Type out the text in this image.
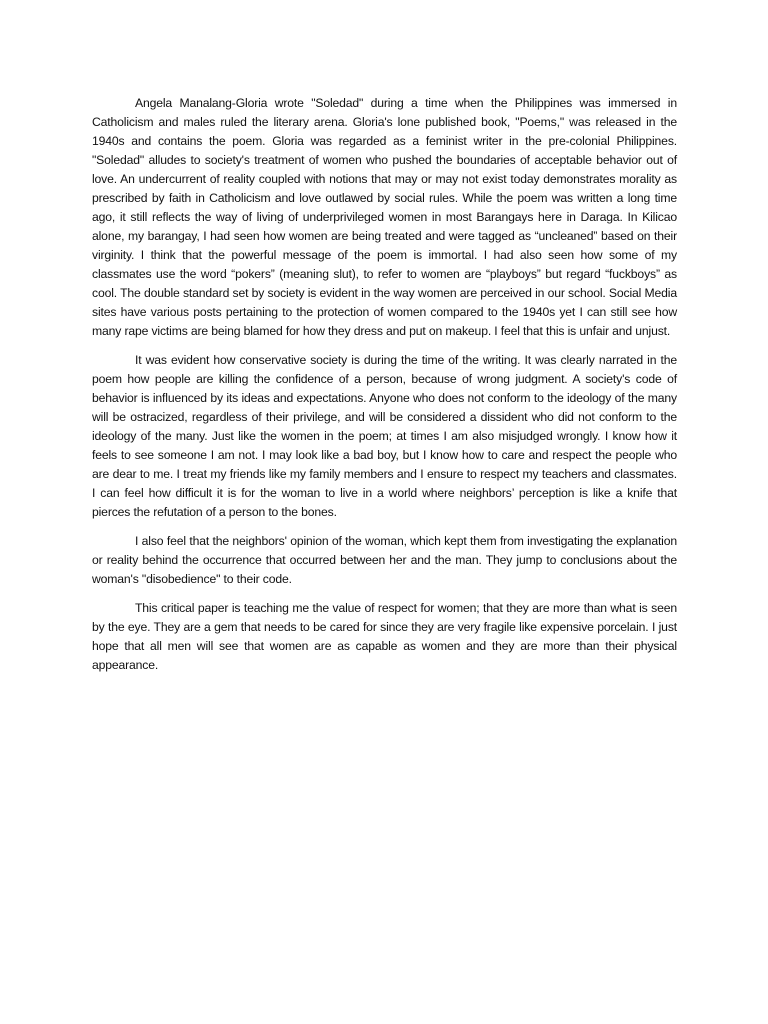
Angela Manalang-Gloria wrote "Soledad" during a time when the Philippines was immersed in Catholicism and males ruled the literary arena. Gloria's lone published book, "Poems," was released in the 1940s and contains the poem. Gloria was regarded as a feminist writer in the pre-colonial Philippines. "Soledad" alludes to society's treatment of women who pushed the boundaries of acceptable behavior out of love. An undercurrent of reality coupled with notions that may or may not exist today demonstrates morality as prescribed by faith in Catholicism and love outlawed by social rules. While the poem was written a long time ago, it still reflects the way of living of underprivileged women in most Barangays here in Daraga. In Kilicao alone, my barangay, I had seen how women are being treated and were tagged as “uncleaned” based on their virginity. I think that the powerful message of the poem is immortal. I had also seen how some of my classmates use the word “pokers” (meaning slut), to refer to women are “playboys” but regard “fuckboys” as cool. The double standard set by society is evident in the way women are perceived in our school. Social Media sites have various posts pertaining to the protection of women compared to the 1940s yet I can still see how many rape victims are being blamed for how they dress and put on makeup. I feel that this is unfair and unjust.

It was evident how conservative society is during the time of the writing. It was clearly narrated in the poem how people are killing the confidence of a person, because of wrong judgment. A society's code of behavior is influenced by its ideas and expectations. Anyone who does not conform to the ideology of the many will be ostracized, regardless of their privilege, and will be considered a dissident who did not conform to the ideology of the many. Just like the women in the poem; at times I am also misjudged wrongly. I know how it feels to see someone I am not. I may look like a bad boy, but I know how to care and respect the people who are dear to me. I treat my friends like my family members and I ensure to respect my teachers and classmates. I can feel how difficult it is for the woman to live in a world where neighbors’ perception is like a knife that pierces the refutation of a person to the bones.

I also feel that the neighbors' opinion of the woman, which kept them from investigating the explanation or reality behind the occurrence that occurred between her and the man. They jump to conclusions about the woman's "disobedience" to their code.

This critical paper is teaching me the value of respect for women; that they are more than what is seen by the eye. They are a gem that needs to be cared for since they are very fragile like expensive porcelain. I just hope that all men will see that women are as capable as women and they are more than their physical appearance.
